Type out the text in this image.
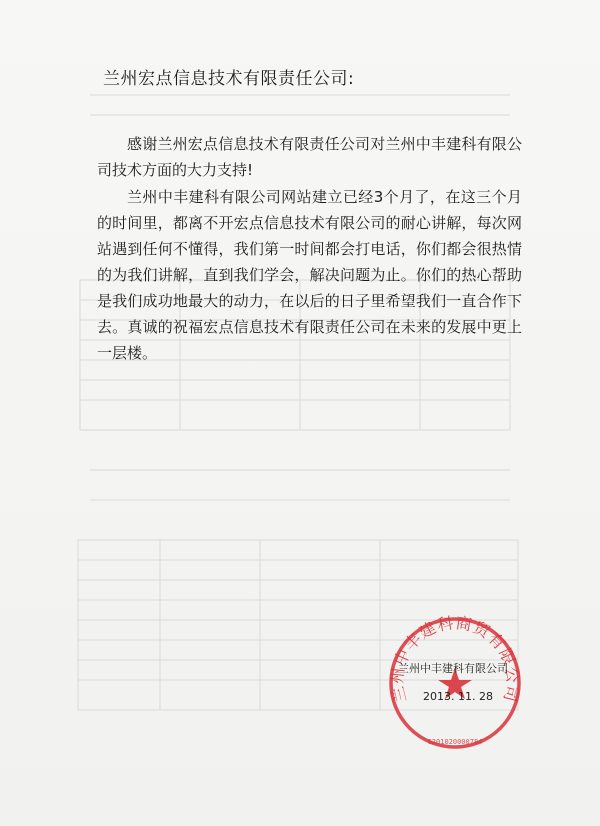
兰州宏点信息技术有限责任公司:

感谢兰州宏点信息技术有限责任公司对兰州中丰建科有限公司技术方面的大力支持!

兰州中丰建科有限公司网站建立已经3个月了，在这三个月的时间里，都离不开宏点信息技术有限公司的耐心讲解，每次网站遇到任何不懂得，我们第一时间都会打电话，你们都会很热情的为我们讲解，直到我们学会，解决问题为止。你们的热心帮助是我们成功地最大的动力，在以后的日子里希望我们一直合作下去。真诚的祝福宏点信息技术有限责任公司在未来的发展中更上一层楼。

兰州中丰建科商贸有限公司
6201020000784
兰州中丰建科有限公司
2013. 11. 28
